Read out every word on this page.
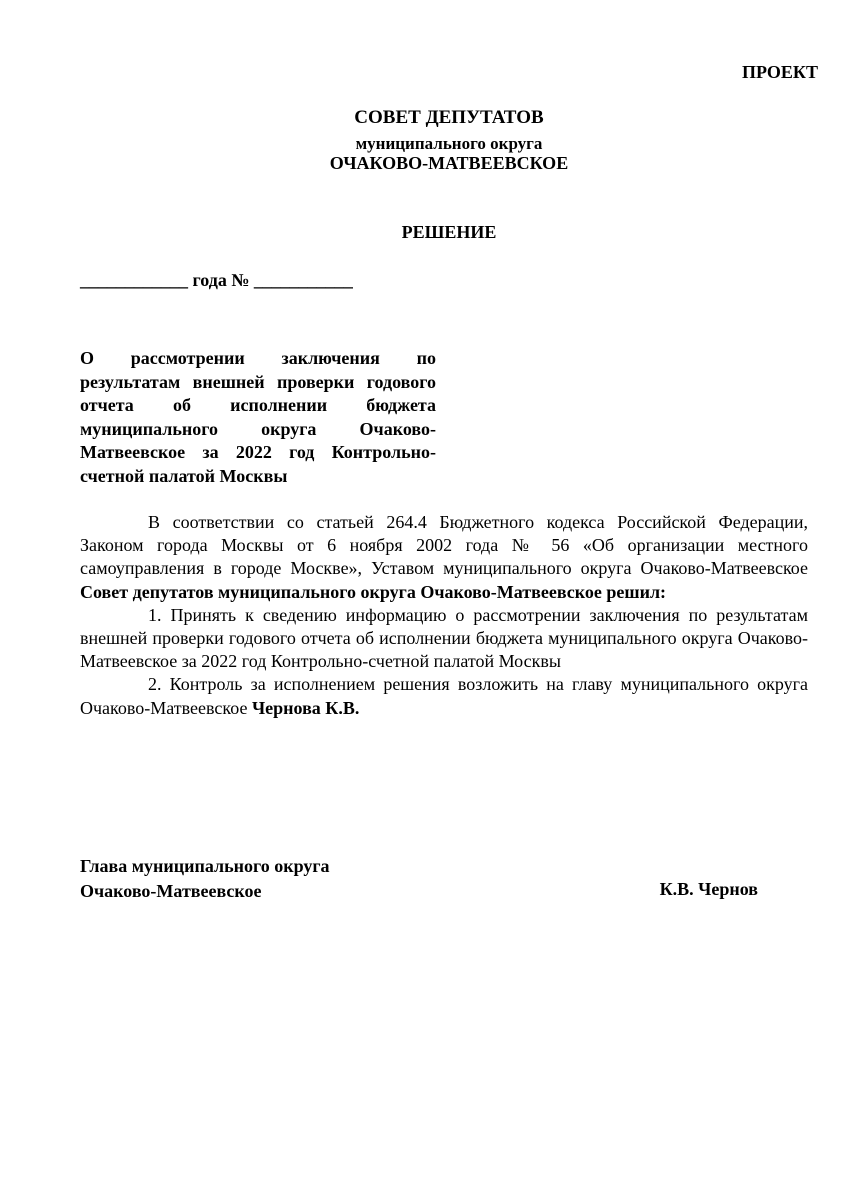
ПРОЕКТ
СОВЕТ ДЕПУТАТОВ
муниципального округа
ОЧАКОВО-МАТВЕЕВСКОЕ
РЕШЕНИЕ
____________ года № ___________
О рассмотрении заключения по результатам внешней проверки годового отчета об исполнении бюджета муниципального округа Очаково-Матвеевское за 2022 год Контрольно-счетной палатой Москвы

В соответствии со статьей 264.4 Бюджетного кодекса Российской Федерации, Законом города Москвы от 6 ноября 2002 года № 56 «Об организации местного самоуправления в городе Москве», Уставом муниципального округа Очаково-Матвеевское Совет депутатов муниципального округа Очаково-Матвеевское решил:

1. Принять к сведению информацию о рассмотрении заключения по результатам внешней проверки годового отчета об исполнении бюджета муниципального округа Очаково-Матвеевское за 2022 год Контрольно-счетной палатой Москвы

2. Контроль за исполнением решения возложить на главу муниципального округа Очаково-Матвеевское Чернова К.В.

Глава муниципального округа
Очаково-Матвеевское	К.В. Чернов
